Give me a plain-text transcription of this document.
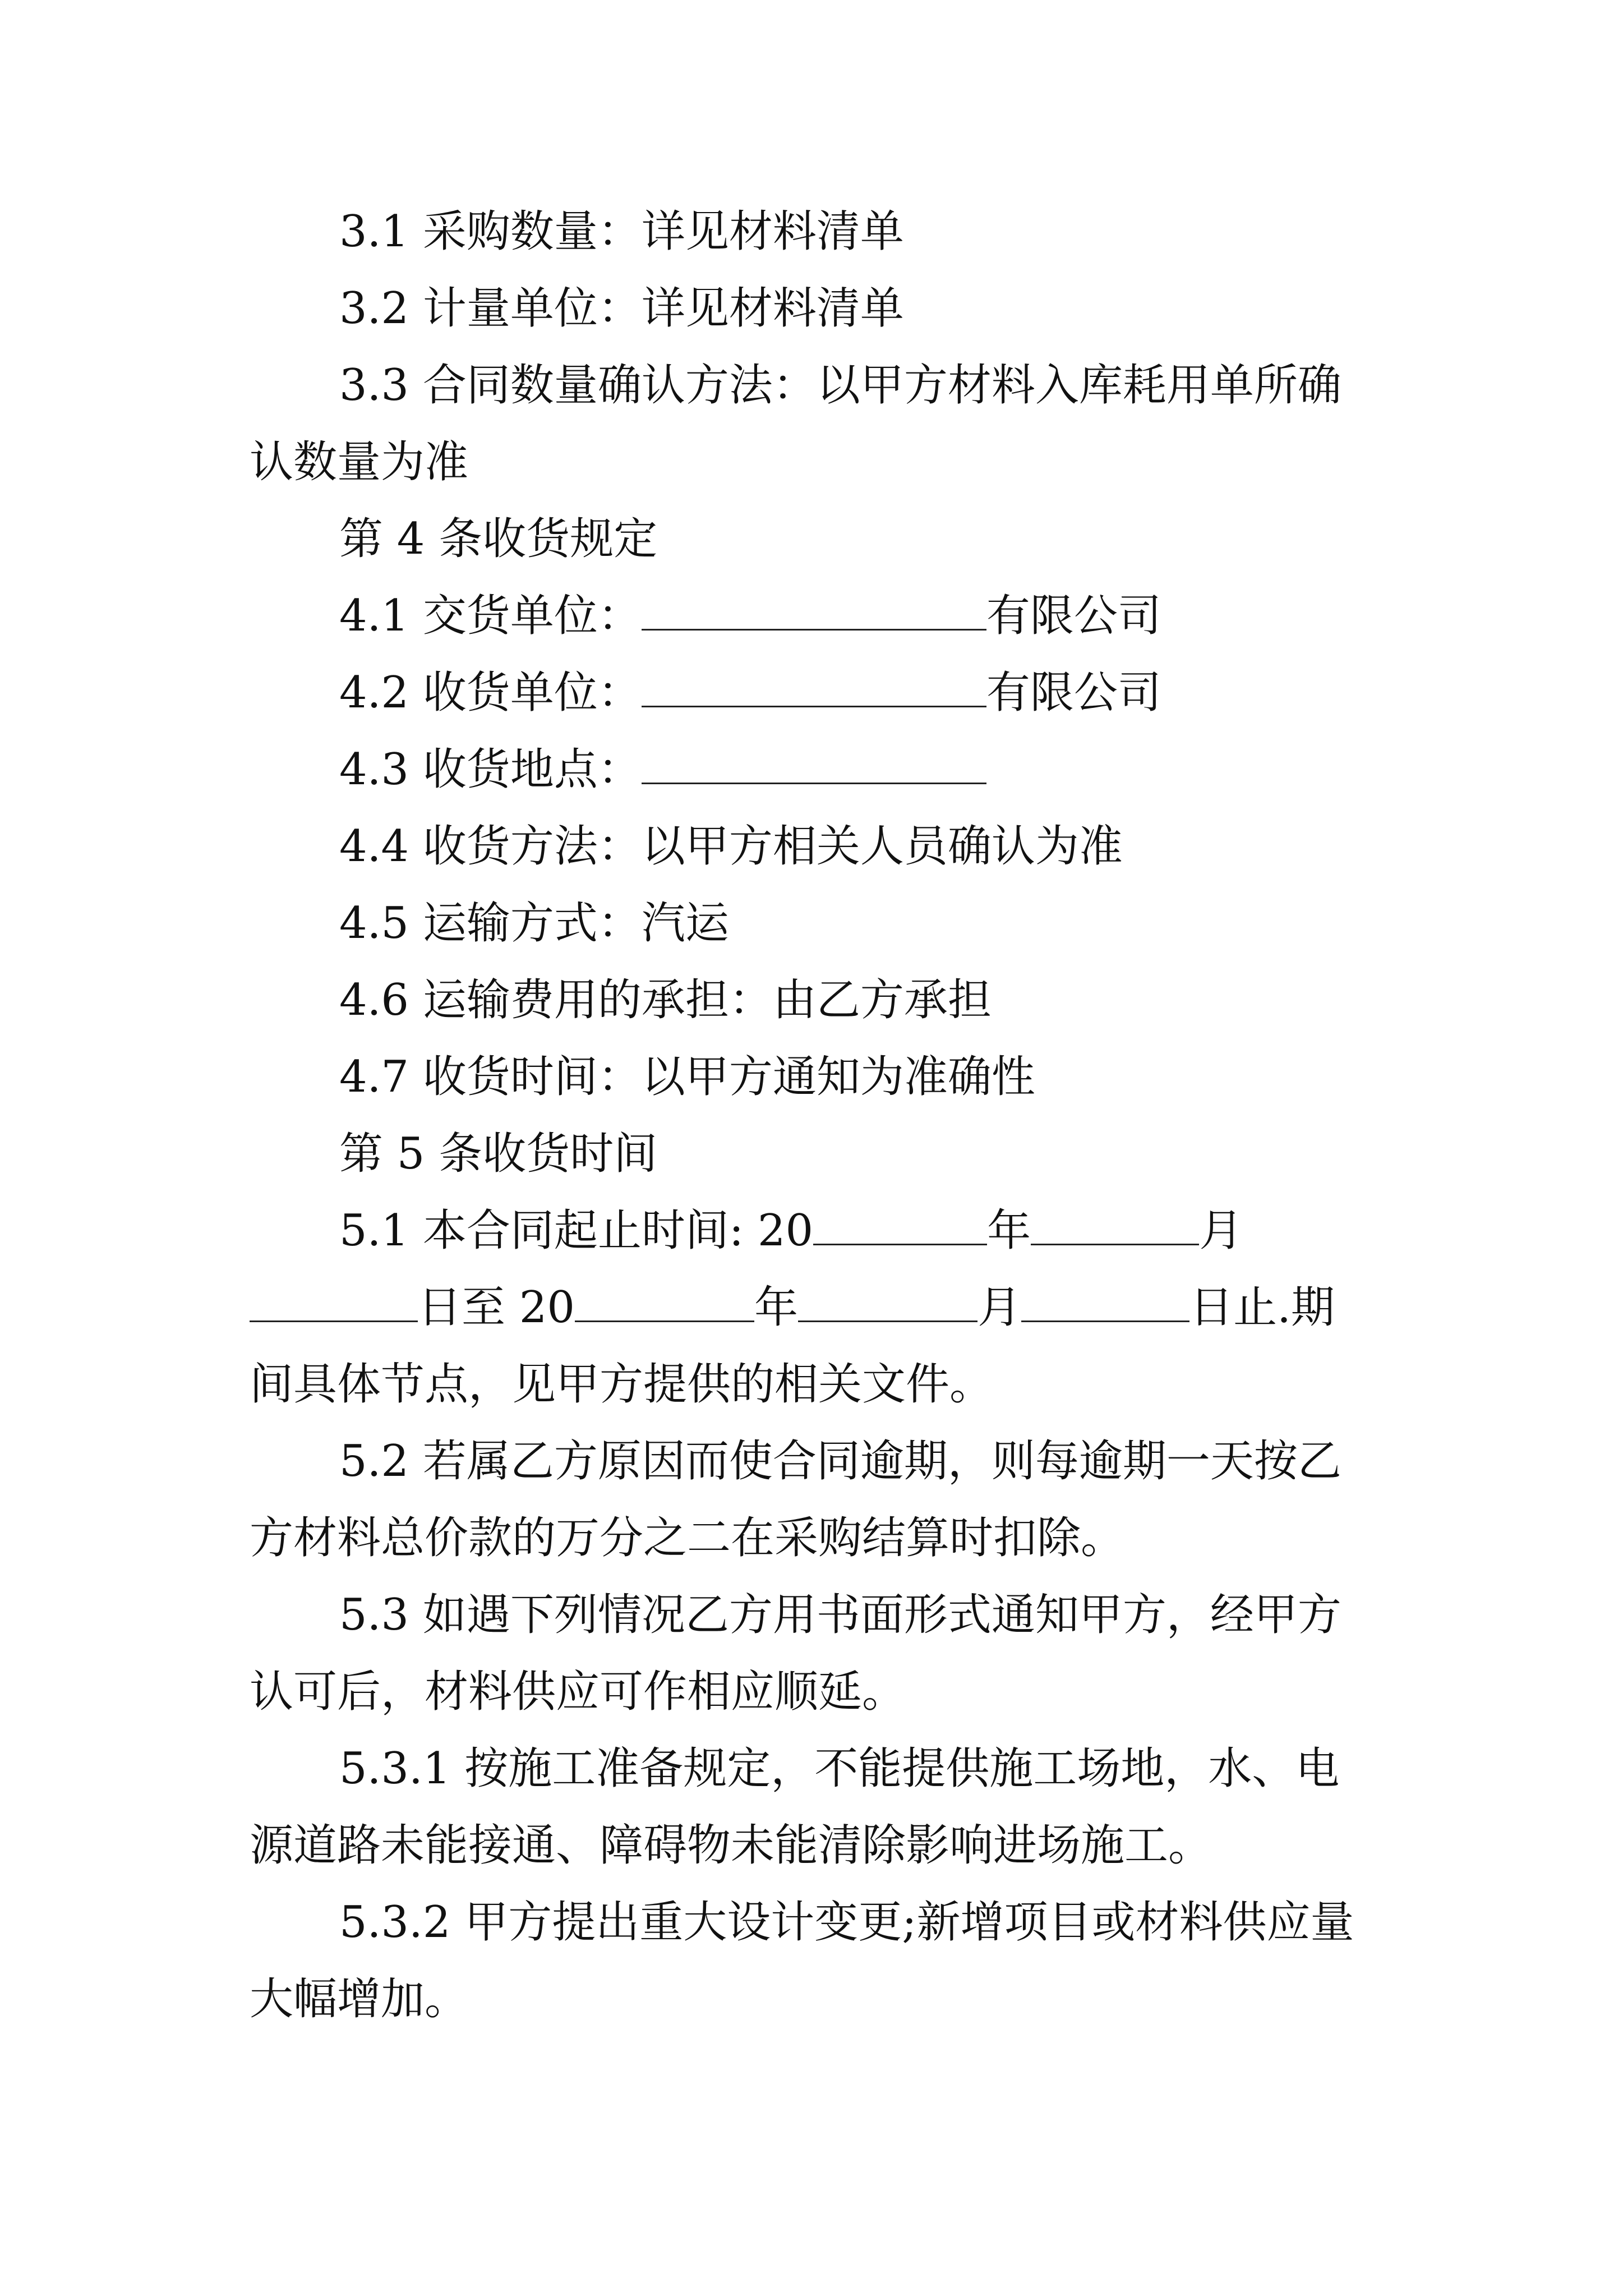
3.1 采购数量：详见材料清单

3.2 计量单位：详见材料清单

3.3 合同数量确认方法：以甲方材料入库耗用单所确认数量为准

第 4 条收货规定

4.1 交货单位：	有限公司

4.2 收货单位：	有限公司

4.3 收货地点：

4.4 收货方法：以甲方相关人员确认为准

4.5 运输方式：汽运

4.6 运输费用的承担：由乙方承担

4.7 收货时间：以甲方通知为准确性

第 5 条收货时间

5.1 本合同起止时间: 20	年	月日至 20	年	月	日止.期间具体节点，见甲方提供的相关文件。

5.2 若属乙方原因而使合同逾期，则每逾期一天按乙方材料总价款的万分之二在采购结算时扣除。

5.3 如遇下列情况乙方用书面形式通知甲方，经甲方认可后，材料供应可作相应顺延。

5.3.1 按施工准备规定，不能提供施工场地，水、电源道路未能接通、障碍物未能清除影响进场施工。

5.3.2 甲方提出重大设计变更;新增项目或材料供应量大幅增加。
